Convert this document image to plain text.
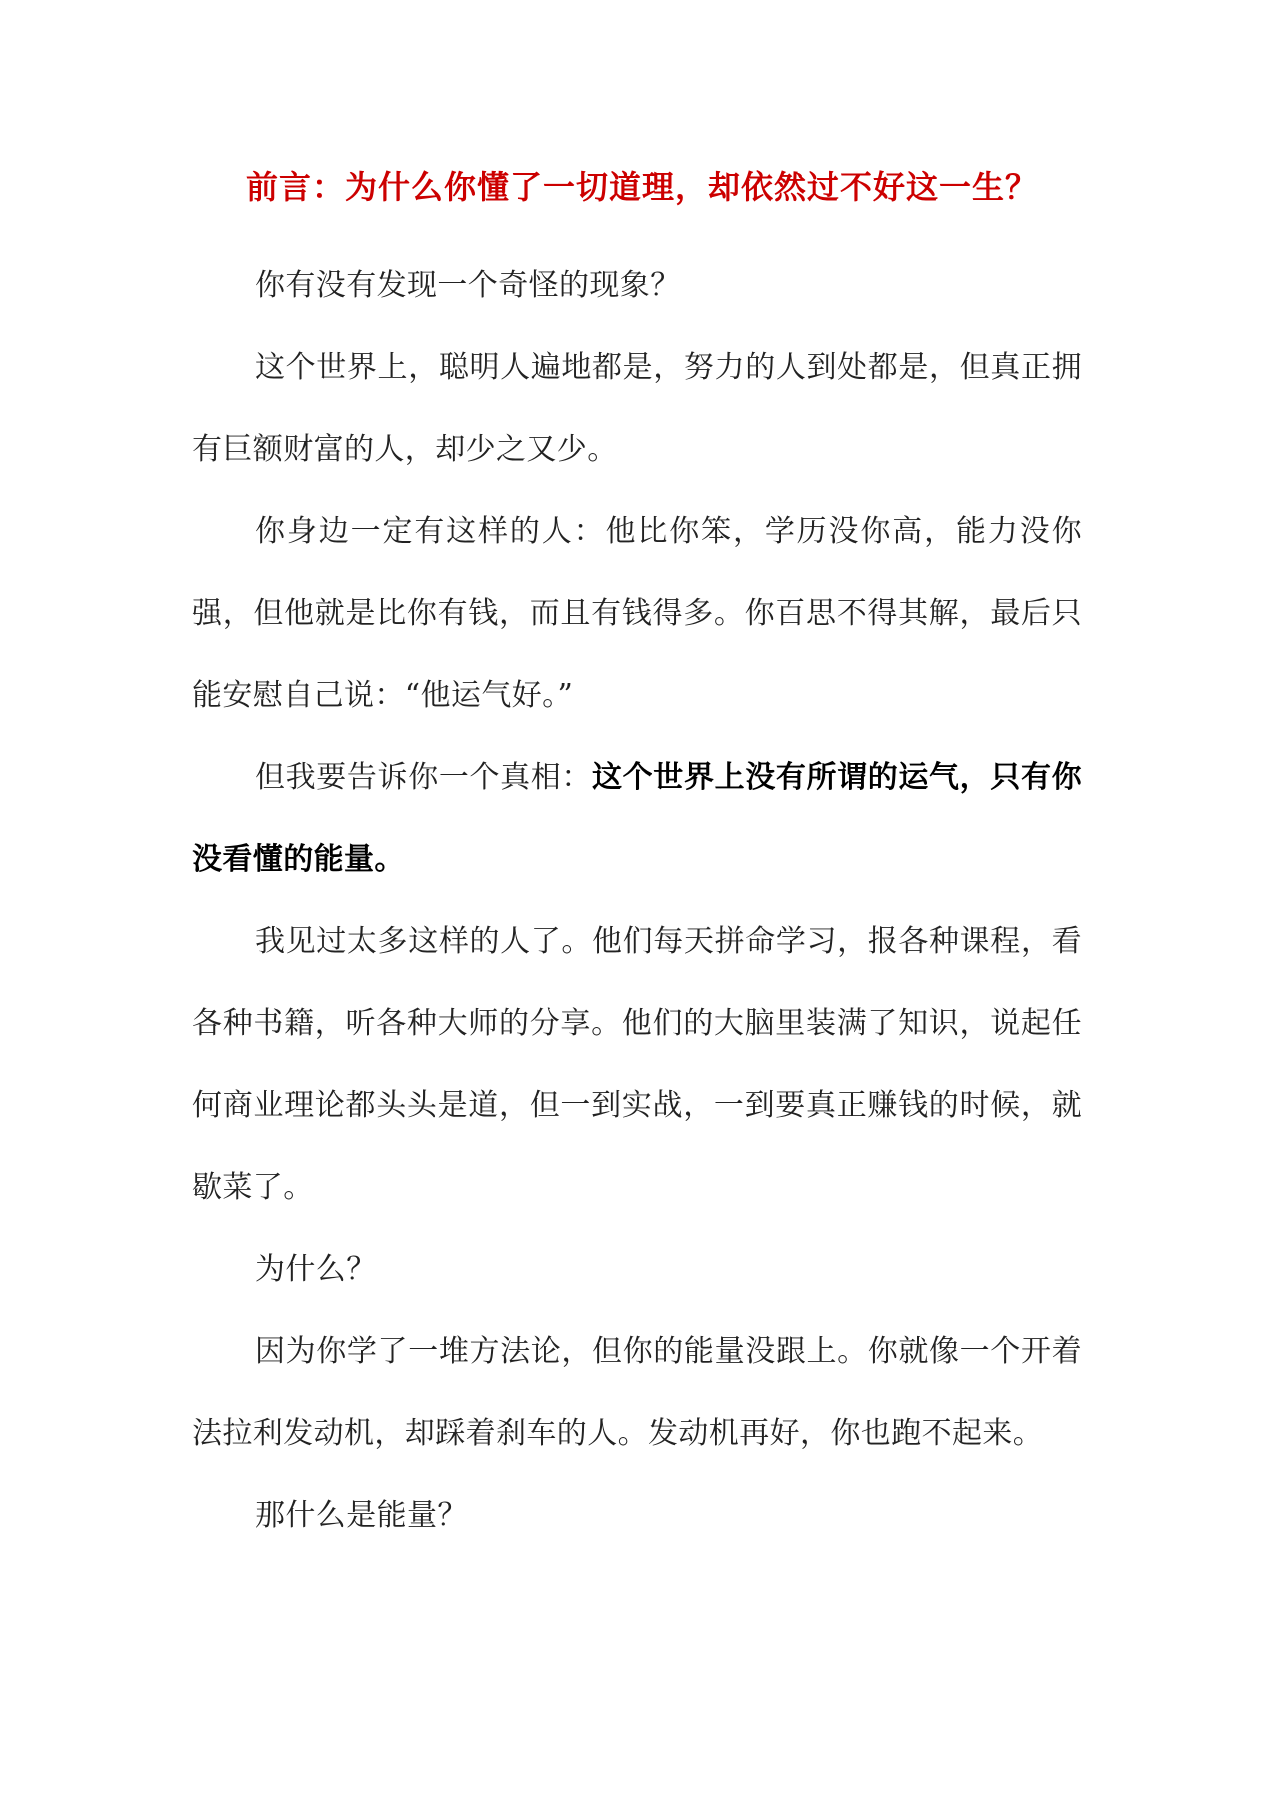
前言：为什么你懂了一切道理，却依然过不好这一生？

你有没有发现一个奇怪的现象？

这个世界上，聪明人遍地都是，努力的人到处都是，但真正拥有巨额财富的人，却少之又少。

你身边一定有这样的人：他比你笨，学历没你高，能力没你强，但他就是比你有钱，而且有钱得多。你百思不得其解，最后只能安慰自己说：“他运气好。”

但我要告诉你一个真相：这个世界上没有所谓的运气，只有你没看懂的能量。

我见过太多这样的人了。他们每天拼命学习，报各种课程，看各种书籍，听各种大师的分享。他们的大脑里装满了知识，说起任何商业理论都头头是道，但一到实战，一到要真正赚钱的时候，就歇菜了。

为什么？

因为你学了一堆方法论，但你的能量没跟上。你就像一个开着法拉利发动机，却踩着刹车的人。发动机再好，你也跑不起来。

那什么是能量？
